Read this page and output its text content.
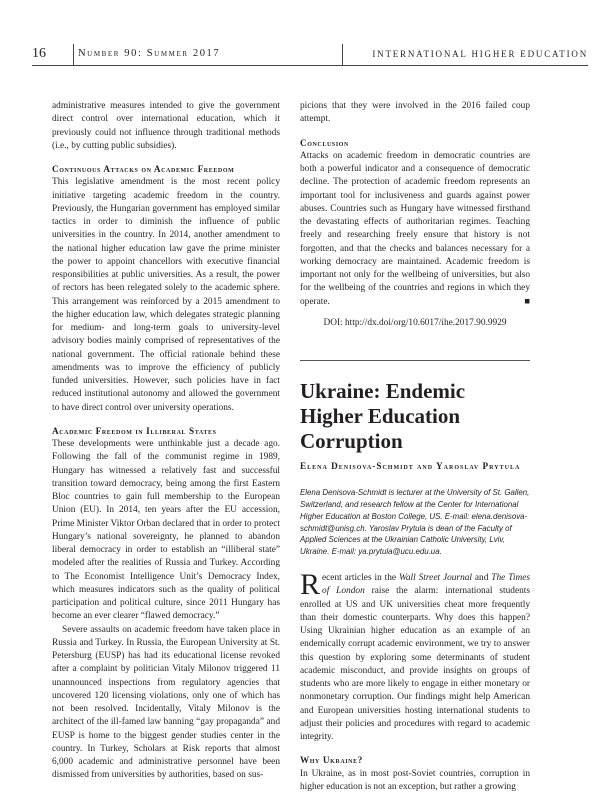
16	Number 90: Summer 2017	INTERNATIONAL HIGHER EDUCATION

administrative measures intended to give the government direct control over international education, which it previously could not influence through traditional methods (i.e., by cutting public subsidies).

Continuous Attacks on Academic Freedom

This legislative amendment is the most recent policy initiative targeting academic freedom in the country. Previously, the Hungarian government has employed similar tactics in order to diminish the influence of public universities in the country. In 2014, another amendment to the national higher education law gave the prime minister the power to appoint chancellors with executive financial responsibilities at public universities. As a result, the power of rectors has been relegated solely to the academic sphere. This arrangement was reinforced by a 2015 amendment to the higher education law, which delegates strategic planning for medium- and long-term goals to university-level advisory bodies mainly comprised of representatives of the national government. The official rationale behind these amendments was to improve the efficiency of publicly funded universities. However, such policies have in fact reduced institutional autonomy and allowed the government to have direct control over university operations.

Academic Freedom in Illiberal States

These developments were unthinkable just a decade ago. Following the fall of the communist regime in 1989, Hungary has witnessed a relatively fast and successful transition toward democracy, being among the first Eastern Bloc countries to gain full membership to the European Union (EU). In 2014, ten years after the EU accession, Prime Minister Viktor Orban declared that in order to protect Hungary’s national sovereignty, he planned to abandon liberal democracy in order to establish an “illiberal state” modeled after the realities of Russia and Turkey. According to The Economist Intelligence Unit’s Democracy Index, which measures indicators such as the quality of political participation and political culture, since 2011 Hungary has become an ever clearer “flawed democracy.”

Severe assaults on academic freedom have taken place in Russia and Turkey. In Russia, the European University at St. Petersburg (EUSP) has had its educational license revoked after a complaint by politician Vitaly Milonov triggered 11 unannounced inspections from regulatory agencies that uncovered 120 licensing violations, only one of which has not been resolved. Incidentally, Vitaly Milonov is the architect of the ill-famed law banning “gay propaganda” and EUSP is home to the biggest gender studies center in the country. In Turkey, Scholars at Risk reports that almost 6,000 academic and administrative personnel have been dismissed from universities by authorities, based on sus-

picions that they were involved in the 2016 failed coup attempt.

Conclusion

Attacks on academic freedom in democratic countries are both a powerful indicator and a consequence of democratic decline. The protection of academic freedom represents an important tool for inclusiveness and guards against power abuses. Countries such as Hungary have witnessed firsthand the devastating effects of authoritarian regimes. Teaching freely and researching freely ensure that history is not forgotten, and that the checks and balances necessary for a working democracy are maintained. Academic freedom is important not only for the wellbeing of universities, but also for the wellbeing of the countries and regions in which they operate.	■

DOI: http://dx.doi/org/10.6017/ihe.2017.90.9929

Ukraine: Endemic Higher Education Corruption
Elena Denisova-Schmidt and Yaroslav Prytula
Elena Denisova-Schmidt is lecturer at the University of St. Gallen, Switzerland, and research fellow at the Center for International Higher Education at Boston College, US. E-mail: elena.denisova-schmidt@unisg.ch. Yaroslav Prytula is dean of the Faculty of Applied Sciences at the Ukrainian Catholic University, Lviv, Ukraine. E-mail: ya.prytula@ucu.edu.ua.

Recent articles in the Wall Street Journal and The Times of London raise the alarm: international students enrolled at US and UK universities cheat more frequently than their domestic counterparts. Why does this happen? Using Ukrainian higher education as an example of an endemically corrupt academic environment, we try to answer this question by exploring some determinants of student academic misconduct, and provide insights on groups of students who are more likely to engage in either monetary or nonmonetary corruption. Our findings might help American and European universities hosting international students to adjust their policies and procedures with regard to academic integrity.

Why Ukraine?

In Ukraine, as in most post-Soviet countries, corruption in higher education is not an exception, but rather a growing
